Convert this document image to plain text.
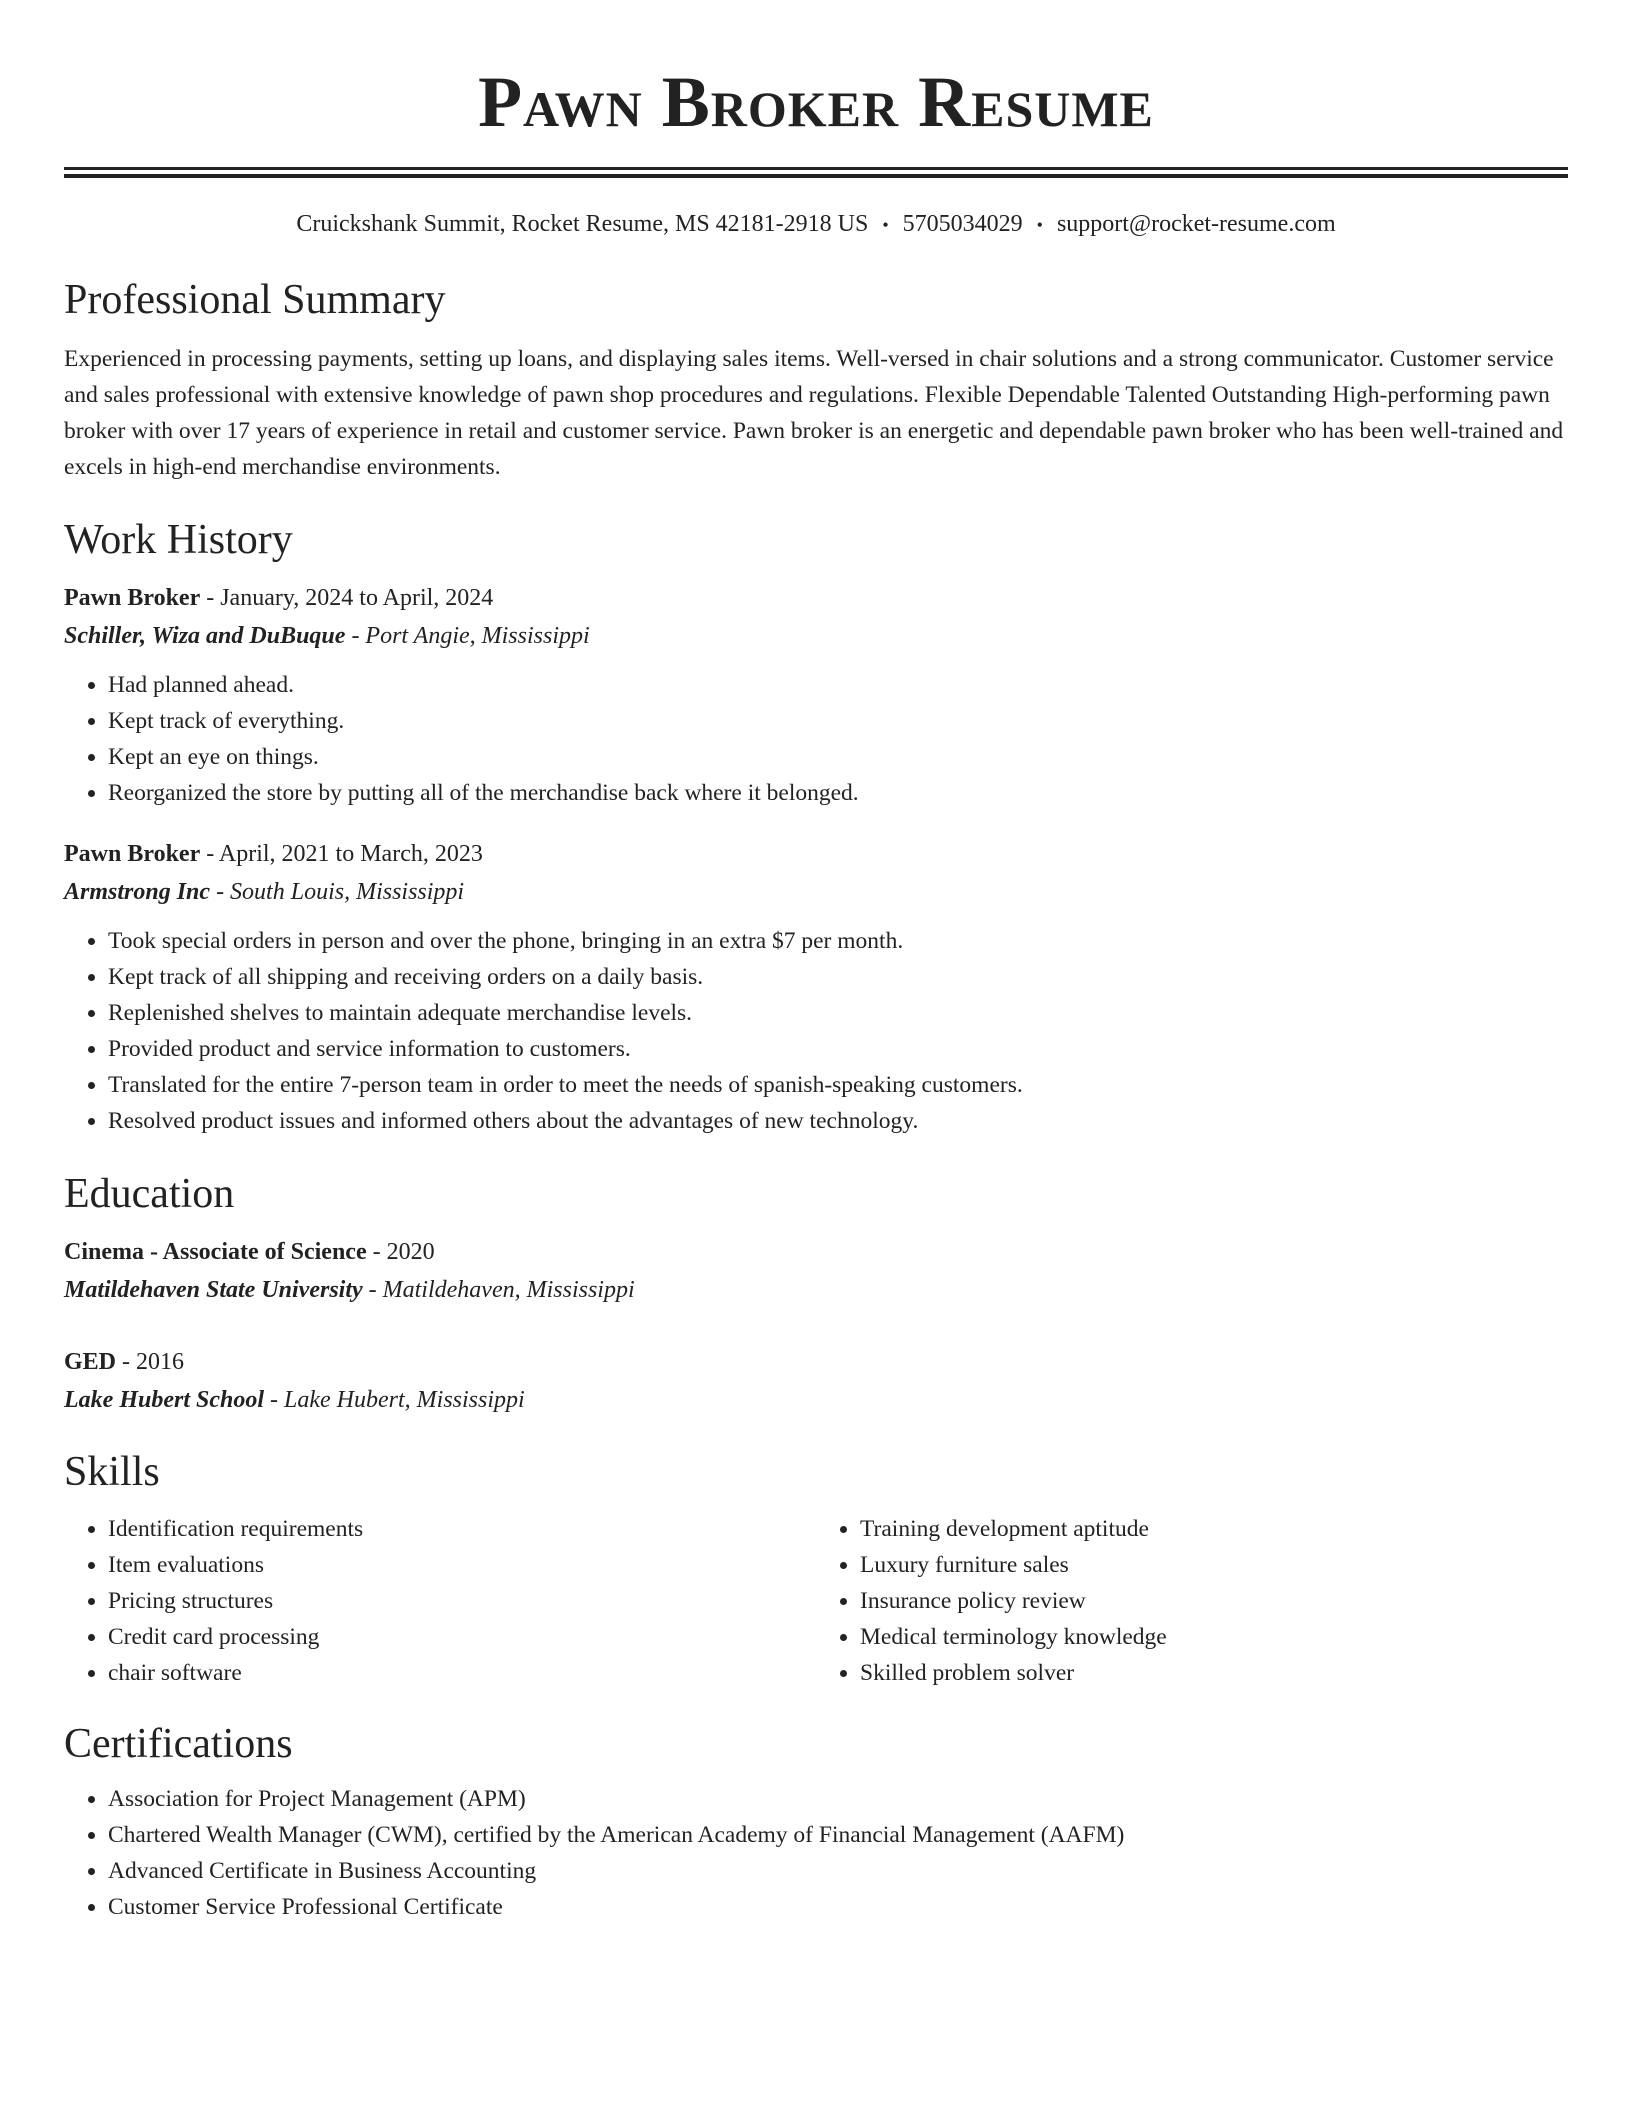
Pawn Broker Resume
Cruickshank Summit, Rocket Resume, MS 42181-2918 US • 5705034029 • support@rocket-resume.com
Professional Summary
Experienced in processing payments, setting up loans, and displaying sales items. Well-versed in chair solutions and a strong communicator. Customer service and sales professional with extensive knowledge of pawn shop procedures and regulations. Flexible Dependable Talented Outstanding High-performing pawn broker with over 17 years of experience in retail and customer service. Pawn broker is an energetic and dependable pawn broker who has been well-trained and excels in high-end merchandise environments.
Work History
Pawn Broker - January, 2024 to April, 2024
Schiller, Wiza and DuBuque - Port Angie, Mississippi
• Had planned ahead.
• Kept track of everything.
• Kept an eye on things.
• Reorganized the store by putting all of the merchandise back where it belonged.
Pawn Broker - April, 2021 to March, 2023
Armstrong Inc - South Louis, Mississippi
• Took special orders in person and over the phone, bringing in an extra $7 per month.
• Kept track of all shipping and receiving orders on a daily basis.
• Replenished shelves to maintain adequate merchandise levels.
• Provided product and service information to customers.
• Translated for the entire 7-person team in order to meet the needs of spanish-speaking customers.
• Resolved product issues and informed others about the advantages of new technology.
Education
Cinema - Associate of Science - 2020
Matildehaven State University - Matildehaven, Mississippi
GED - 2016
Lake Hubert School - Lake Hubert, Mississippi
Skills
• Identification requirements
• Item evaluations
• Pricing structures
• Credit card processing
• chair software
• Training development aptitude
• Luxury furniture sales
• Insurance policy review
• Medical terminology knowledge
• Skilled problem solver
Certifications
• Association for Project Management (APM)
• Chartered Wealth Manager (CWM), certified by the American Academy of Financial Management (AAFM)
• Advanced Certificate in Business Accounting
• Customer Service Professional Certificate
